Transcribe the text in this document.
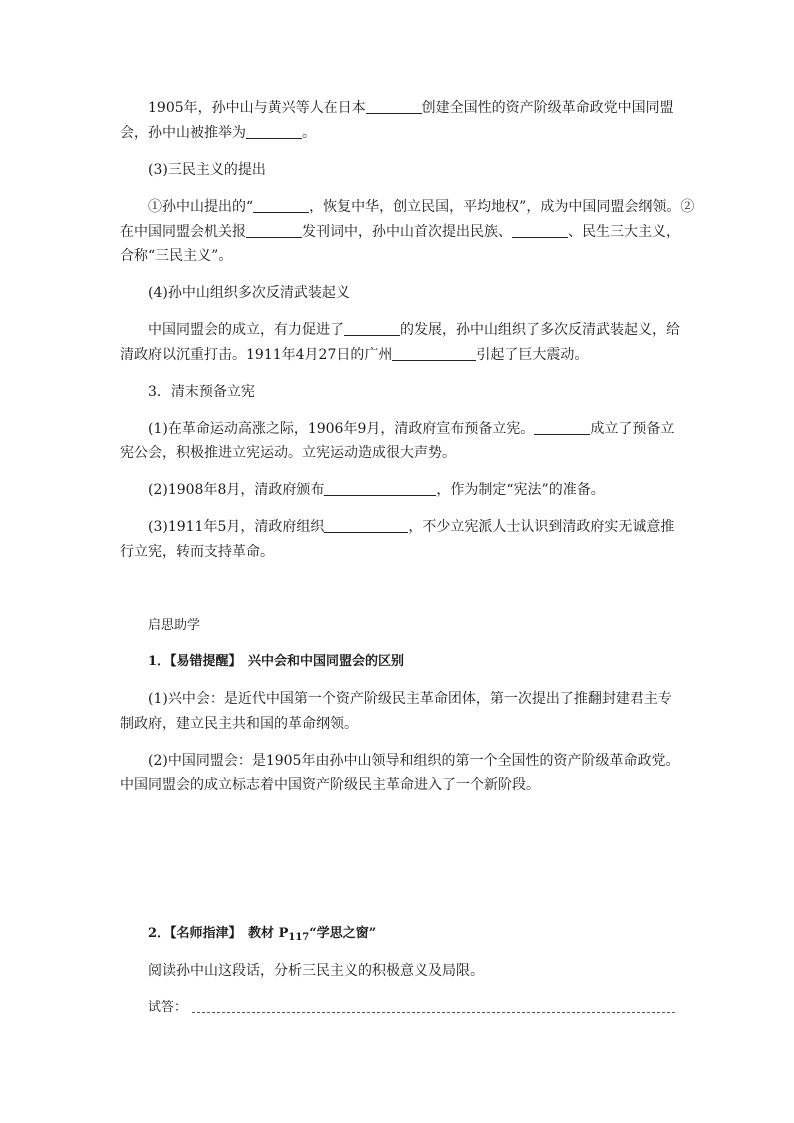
1905年，孙中山与黄兴等人在日本	创建全国性的资产阶级革命政党中国同盟
会，孙中山被推举为	。
(3)三民主义的提出
①孙中山提出的“	，恢复中华，创立民国，平均地权”，成为中国同盟会纲领。②
在中国同盟会机关报	发刊词中，孙中山首次提出民族、	、民生三大主义，
合称“三民主义”。
(4)孙中山组织多次反清武装起义
中国同盟会的成立，有力促进了	的发展，孙中山组织了多次反清武装起义，给
清政府以沉重打击。1911年4月27日的广州	引起了巨大震动。
3．清末预备立宪
(1)在革命运动高涨之际，1906年9月，清政府宣布预备立宪。	成立了预备立
宪公会，积极推进立宪运动。立宪运动造成很大声势。
(2)1908年8月，清政府颁布	，作为制定“宪法”的准备。
(3)1911年5月，清政府组织	，不少立宪派人士认识到清政府实无诚意推
行立宪，转而支持革命。
启思助学
1．【易错提醒】　兴中会和中国同盟会的区别
(1)兴中会：是近代中国第一个资产阶级民主革命团体，第一次提出了推翻封建君主专
制政府，建立民主共和国的革命纲领。
(2)中国同盟会：是1905年由孙中山领导和组织的第一个全国性的资产阶级革命政党。
中国同盟会的成立标志着中国资产阶级民主革命进入了一个新阶段。
2．【名师指津】　教材 $P_{117}“$学思之窗”
阅读孙中山这段话，分析三民主义的积极意义及局限。
试答：
